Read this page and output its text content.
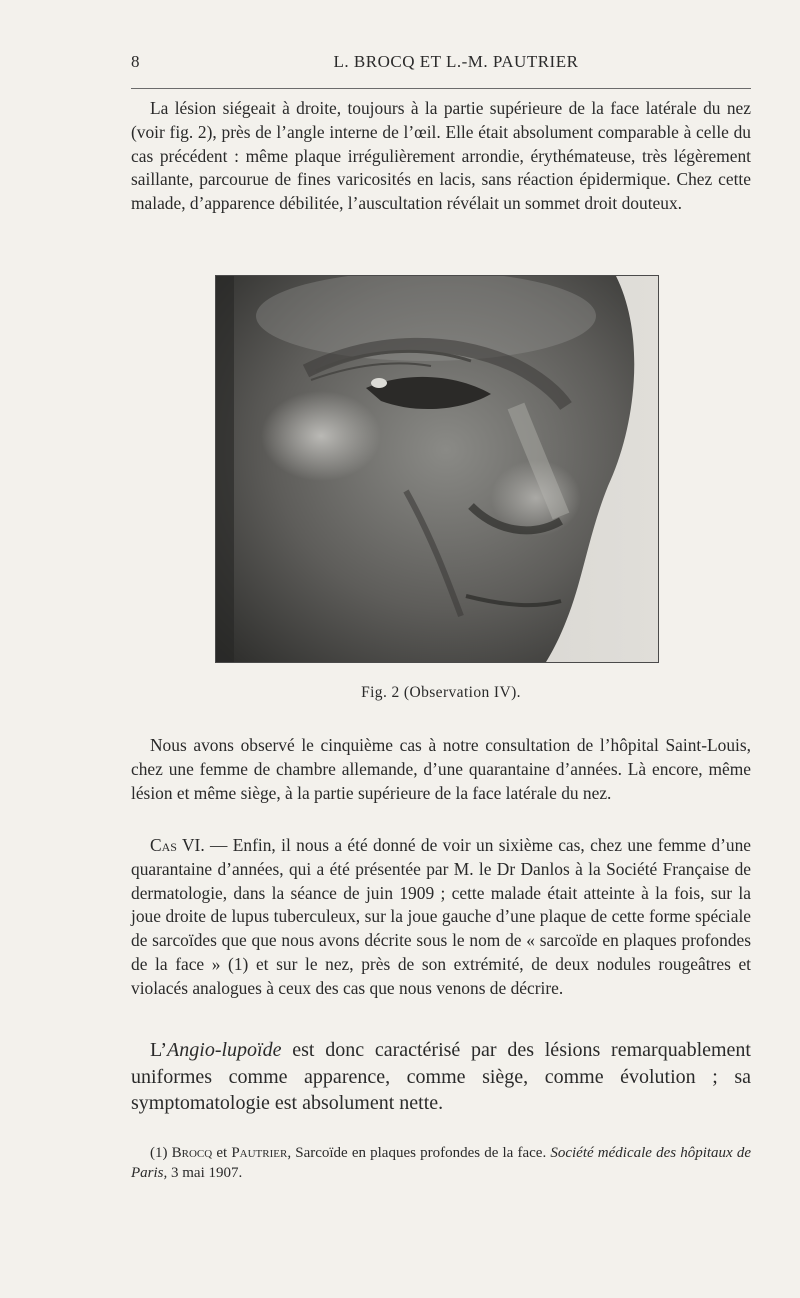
8	L. BROCQ ET L.-M. PAUTRIER

La lésion siégeait à droite, toujours à la partie supérieure de la face latérale du nez (voir fig. 2), près de l’angle interne de l’œil. Elle était absolument comparable à celle du cas précédent : même plaque irrégulièrement arrondie, érythémateuse, très légèrement saillante, parcourue de fines varicosités en lacis, sans réaction épidermique. Chez cette malade, d’apparence débilitée, l’auscultation révélait un sommet droit douteux.

Fig. 2 (Observation IV).

Nous avons observé le cinquième cas à notre consultation de l’hôpital Saint-Louis, chez une femme de chambre allemande, d’une quarantaine d’années. Là encore, même lésion et même siège, à la partie supérieure de la face latérale du nez.

Cas VI. — Enfin, il nous a été donné de voir un sixième cas, chez une femme d’une quarantaine d’années, qui a été présentée par M. le Dr Danlos à la Société Française de dermatologie, dans la séance de juin 1909 ; cette malade était atteinte à la fois, sur la joue droite de lupus tuberculeux, sur la joue gauche d’une plaque de cette forme spéciale de sarcoïdes que que nous avons décrite sous le nom de « sarcoïde en plaques profondes de la face » (1) et sur le nez, près de son extrémité, de deux nodules rougeâtres et violacés analogues à ceux des cas que nous venons de décrire.

L’Angio-lupoïde est donc caractérisé par des lésions remarquablement uniformes comme apparence, comme siège, comme évolution ; sa symptomatologie est absolument nette.

(1) Brocq et Pautrier, Sarcoïde en plaques profondes de la face. Société médicale des hôpitaux de Paris, 3 mai 1907.
